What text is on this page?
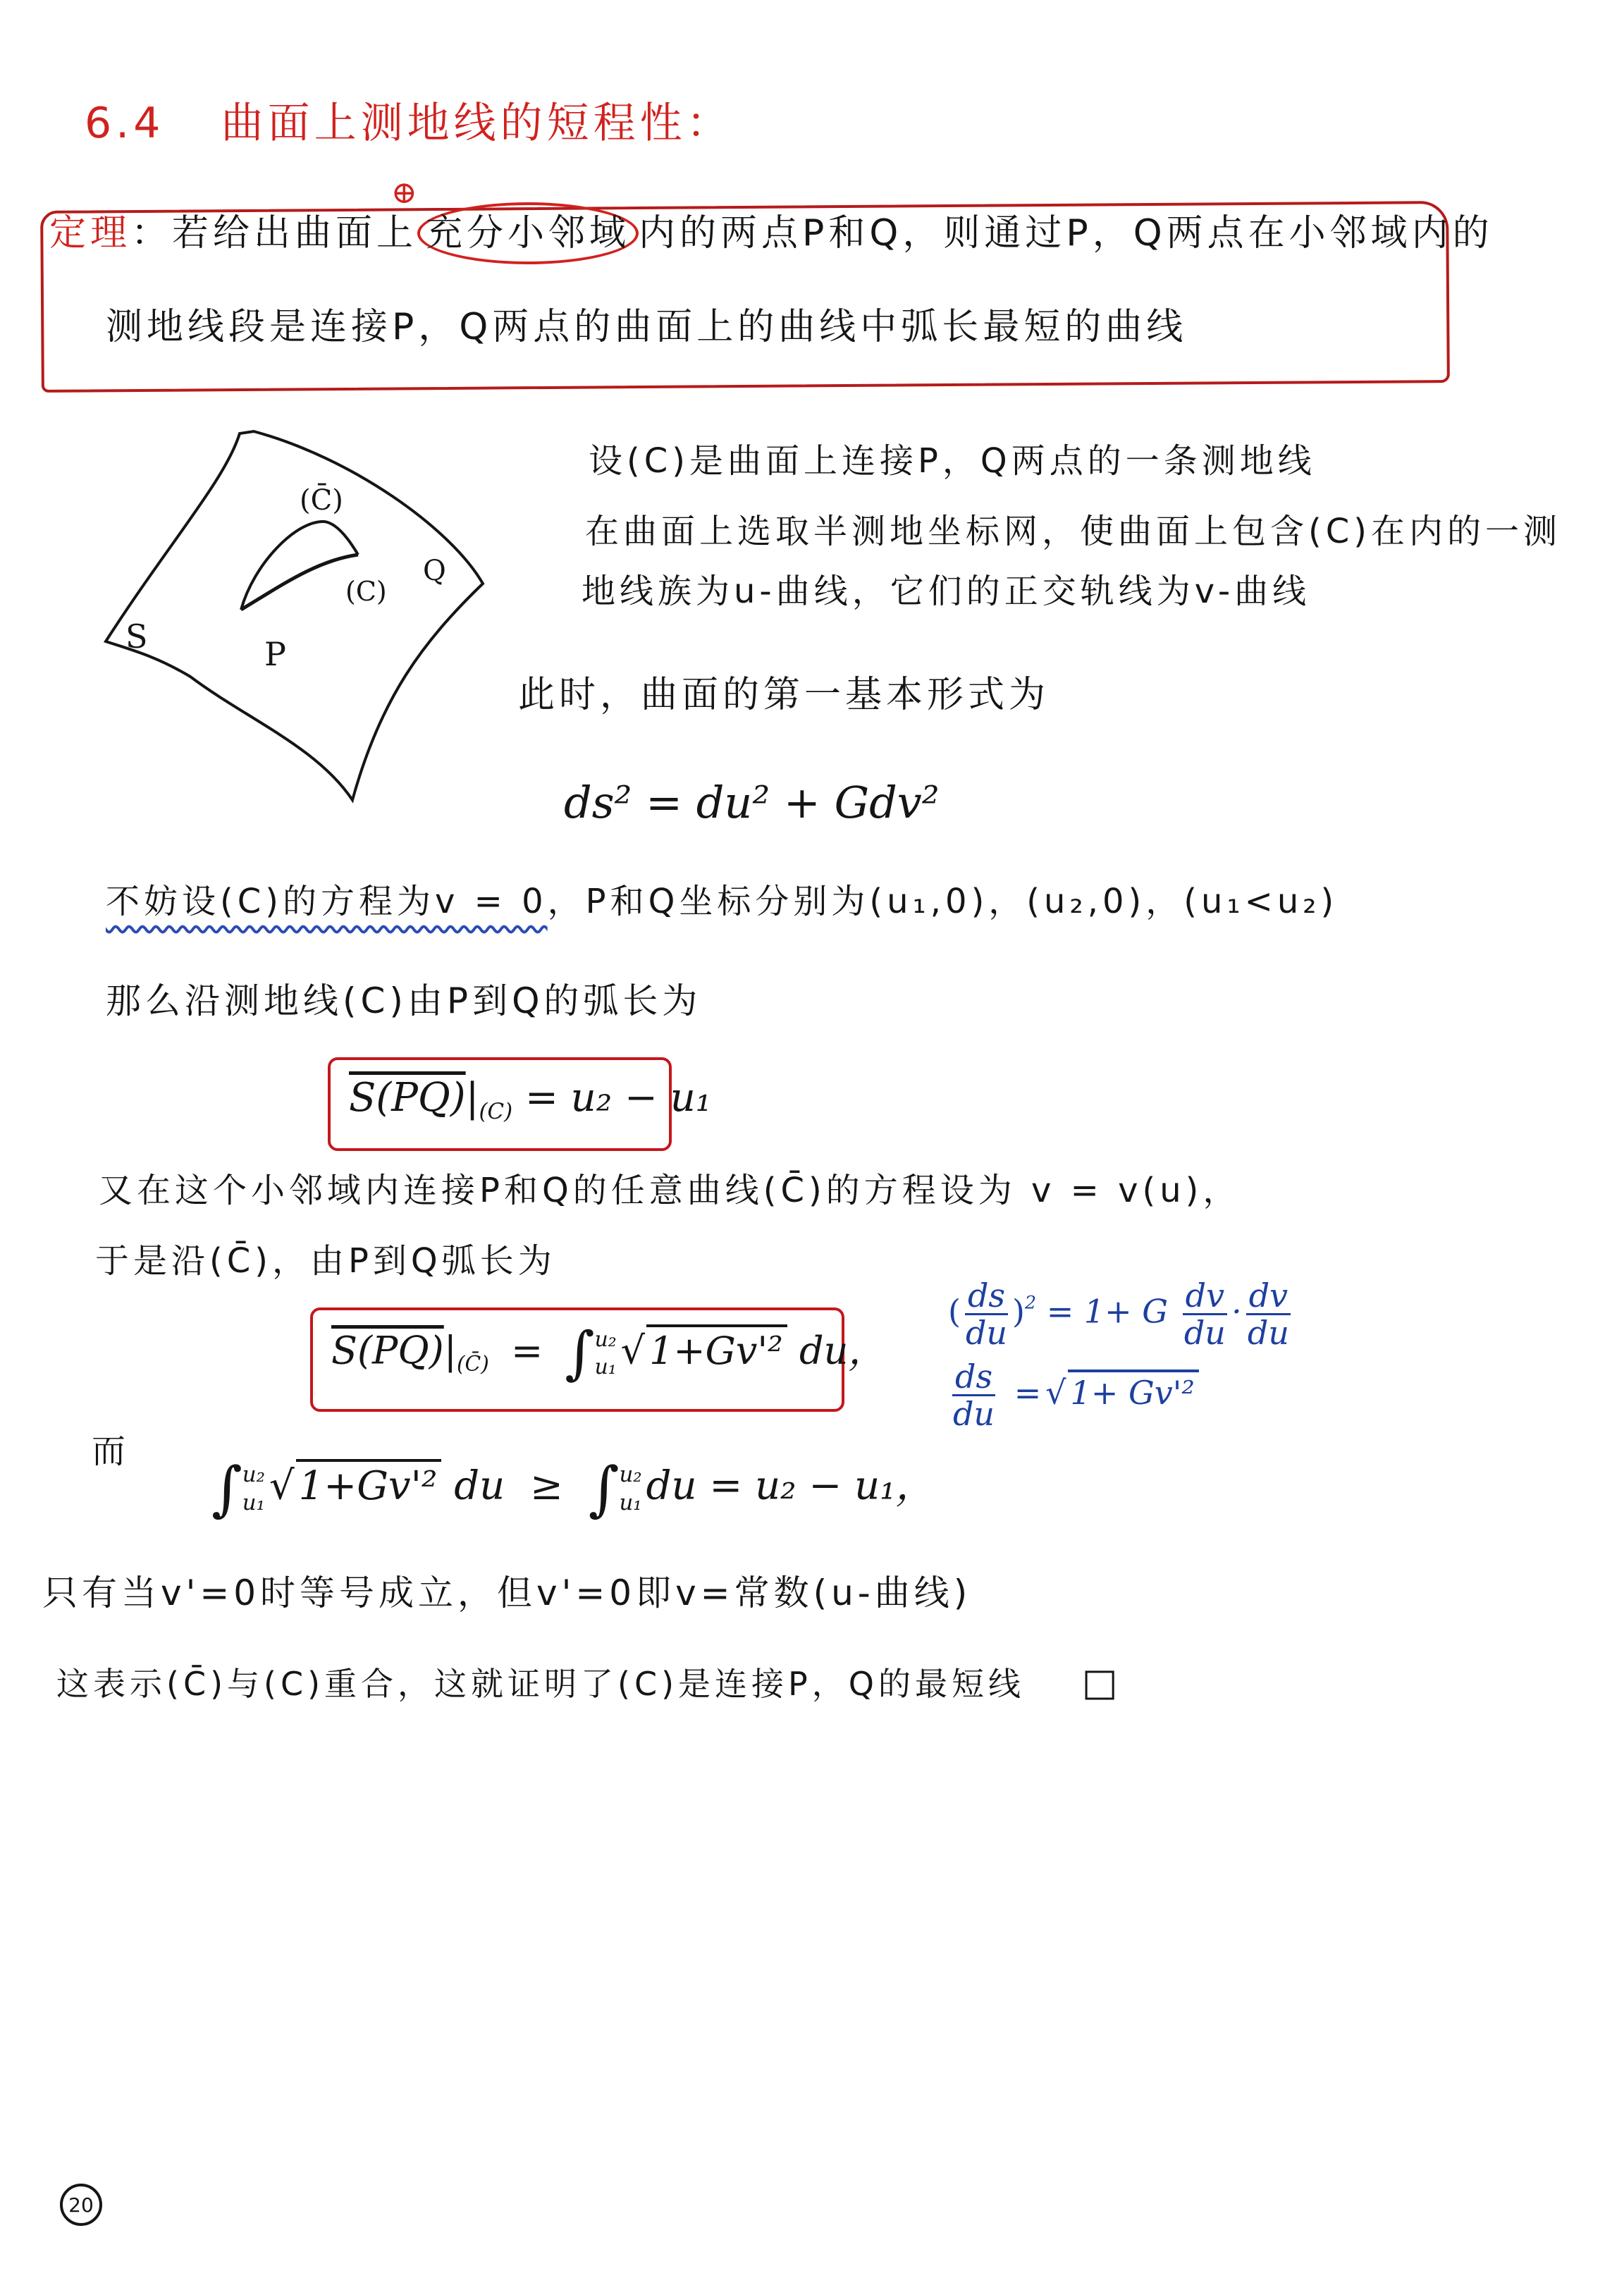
6.4 曲面上测地线的短程性：
⊕
定理：若给出曲面上 充分小邻域 内的两点P和Q，则通过P，Q两点在小邻域内的
测地线段是连接P，Q两点的曲面上的曲线中弧长最短的曲线
S	P
Q
(C̄)
(C)
设(C)是曲面上连接P，Q两点的一条测地线
在曲面上选取半测地坐标网，使曲面上包含(C)在内的一测
地线族为u-曲线，它们的正交轨线为v-曲线
此时，曲面的第一基本形式为
ds² = du² + Gdv²
不妨设(C)的方程为v = 0，P和Q坐标分别为(u₁,0)，(u₂,0)，(u₁<u₂)
那么沿测地线(C)由P到Q的弧长为
$S(PQ)|_{(C)} = u_2 - u_1$
又在这个小邻域内连接P和Q的任意曲线(C̄)的方程设为 v = v(u)，
于是沿(C̄)，由P到Q弧长为
$S(PQ)|_{(C̄)}$ = ∫ u₂
u₁ √ 1+Gv'² du，
( $\frac{ds}{du} )^2 = 1+ G \frac{dv}{du} \cdot \frac{dv}{du}$
$\frac{ds}{du}$ = √ 1+ Gv'²
而
∫ u₂
u₁ √ 1+Gv'² du ≥ ∫ u₂
u₁ du = u₂ − u₁，
只有当v'=0时等号成立，但v'=0即v=常数(u-曲线)
这表示(C̄)与(C)重合，这就证明了(C)是连接P，Q的最短线 □
20
